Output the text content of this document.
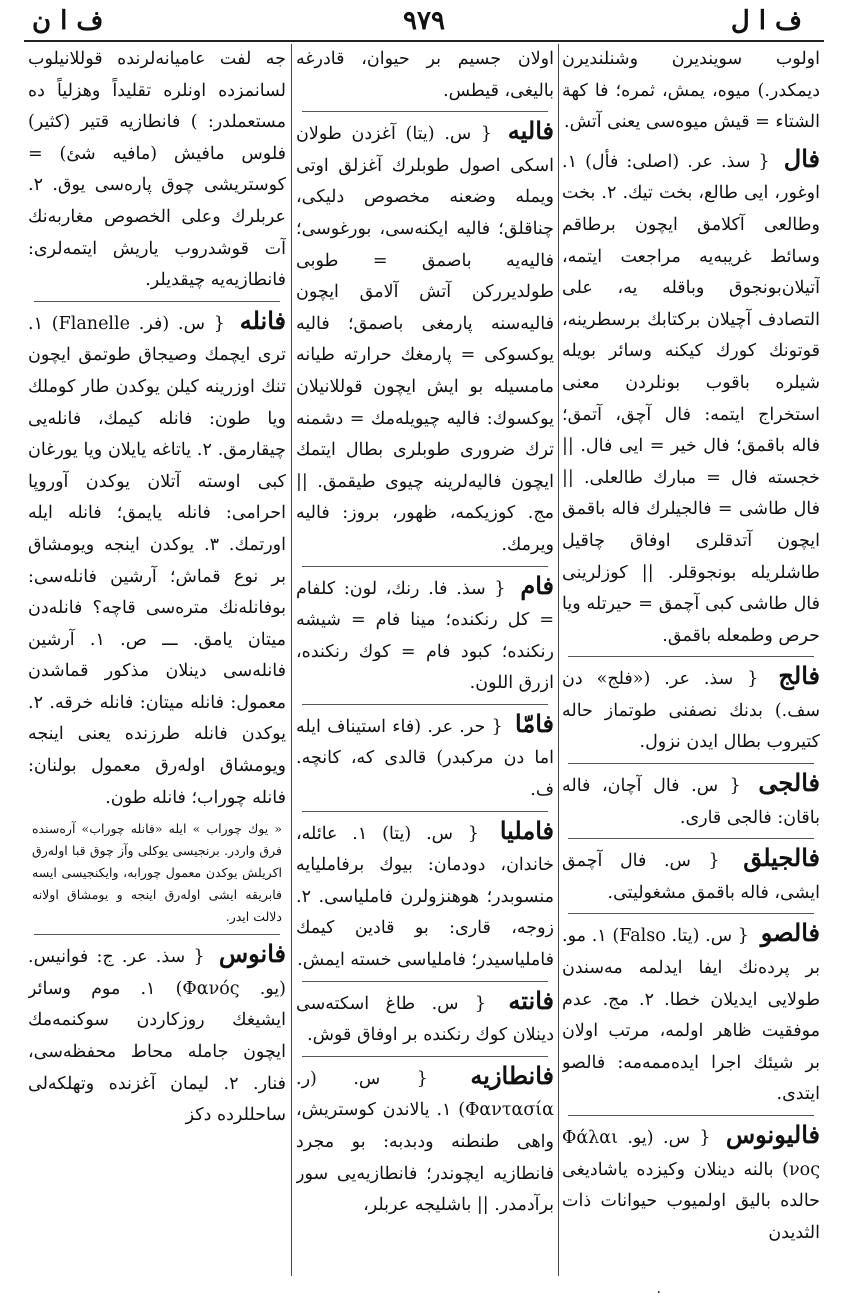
ف ا ن	٩٧٩	ف ا ل
اولوب سوينديرن وشنلنديرن ديمكدر.) ميوه، يمش، ثمره؛ فا كهة الشتاء = قيش ميوه‌سى يعنى آتش.
فال { سذ. عر. (اصلى: فأل) ١. اوغور، ايى طالع، بخت تيك. ٢. بخت وطالعى آكلامق ايچون برطاقم وسائط غريبه‌يه مراجعت ايتمه، آتيلان‌بونجوق وباقله يه، على التصادف آچيلان بركتابك برسطرينه، قوتونك كورك كيكنه وسائر بويله شيلره باقوب بونلردن معنى استخراج ايتمه: فال آچق، آتمق؛ فاله باقمق؛ فال خير = ايى فال. || خجسته فال = مبارك طالعلى. || فال طاشى = فالجيلرك فاله باقمق ايچون آتدقلرى اوفاق چاقيل طاشلريله بونجوقلر. || كوزلرينى فال طاشى كبى آچمق = حيرتله ويا حرص وطمعله باقمق.
فالج { سذ. عر. («فلج» دن سف.) بدنك نصفنى طوتماز حاله كتيروب بطال ايدن نزول.
فالجى { س. فال آچان، فاله باقان: فالجى قارى.
فالجيلق { س. فال آچمق ايشى، فاله باقمق مشغوليتى.
فالصو { س. (يتا. Falso) ١. مو. بر پردەنك ايفا ايدلمه مه‌سندن طولايى ايديلان خطا. ٢. مج. عدم موفقيت ظاهر اولمه، مرتب اولان بر شيئك اجرا ايدەممه‌مه: فالصو ايتدى.
فاليونوس { س. (يو. Φάλαι νος) بالنه دينلان وكيزده ياشاديغى حالده باليق اولميوب حيوانات ذات الثديدن
اولان جسيم بر حيوان، قادرغه باليغى، قيطس.
فاليه { س. (يتا) آغزدن طولان اسكى اصول طوبلرك آغزلق اوتى ويمله وضعنه مخصوص دليكى، چناقلق؛ فاليه ايكنه‌سى، بورغوسى؛ فاليه‌يه باصمق = طوبى طولديرركن آتش آلامق ايچون فاليه‌سنه پارمغى باصمق؛ فاليه يوكسوكى = پارمغك حرارته طيانه مامسيله بو ايش ايچون قوللانيلان يوكسوك: فاليه چيويله‌مك = دشمنه ترك ضرورى طوبلرى بطال ايتمك ايچون فاليه‌لرينه چيوى طيقمق. || مج. كوزيكمه، ظهور، بروز: فاليه ويرمك.
فام { سذ. فا. رنك، لون: كلفام = كل رنكنده؛ مينا فام = شيشه رنكنده؛ كبود فام = كوك رنكنده، ازرق اللون.
فامّا { حر. عر. (فاء استيناف ايله اما دن مركبدر) قالدى كه، كانچه. ف.
فامليا { س. (يتا) ١. عائله، خاندان، دودمان: بيوك برفامليايه منسوبدر؛ هوهنزولرن فاملياسى. ٢. زوجه، قارى: بو قادين كيمك فاملياسيدر؛ فاملياسى خسته ايمش.
فانته { س. طاغ اسكته‌سى دينلان كوك رنكنده بر اوفاق قوش.
فانطازيه { س. (ر. Φαντασία) ١. يالاندن كوستريش، واهى طنطنه ودبدبه: بو مجرد فانطازيه ايچوندر؛ فانطازيه‌يى سور برآدمدر. || باشليجه عربلر،
جه لفت عامیانه‌لرنده قوللانيلوب لسانمزده اونلره تقليداً وهزلياً ده مستعملدر: ) فانطازيه قتير (كثير) فلوس مافيش (مافيه شئ) = كوستريشى چوق پاره‌سى يوق. ٢. عربلرك وعلى الخصوص مغاربه‌نك آت قوشدروب ياريش ايتمه‌لرى: فانطازيه‌يه چيقديلر.
فانله { س. (فر. Flanelle) ١. ترى ايچمك وصيجاق طوتمق ايچون تنك اوزرينه كيلن يوكدن طار كوملك ويا طون: فانله كيمك، فانله‌يى چيقارمق. ٢. ياتاغه يايلان ويا يورغان كبى اوسته آتلان يوكدن آوروپا احرامى: فانله يايمق؛ فانله ايله اورتمك. ٣. يوكدن اينجه ويومشاق بر نوع قماش؛ آرشين فانله‌سى: بوفانله‌نك متره‌سى قاچه؟ فانله‌دن ميتان يامق. ـــ ص. ١. آرشين فانله‌سى دينلان مذكور قماشدن معمول: فانله ميتان: فانله خرقه. ٢. يوكدن فانله طرزنده يعنى اينجه ويومشاق اوله‌رق معمول بولنان: فانله چوراب؛ فانله طون.
« يوك چوراب » ايله «فانله چوراب» آره‌سنده فرق واردر. برنجيسى يوكلى وآز چوق قبا اوله‌رق اكريلش يوكدن معمول چورابه، وايكنجيسى ايسه فابريقه ايشى اوله‌رق اينجه و يومشاق اولانه دلالت ايدر.
فانوس { سذ. عر. ج: فوانيس. (يو. Φανός) ١. موم وسائر ايشيغك روزكاردن سوكنمه‌مك ايچون جامله محاط محفظه‌سى، فنار. ٢. ليمان آغزنده وتهلكه‌لى ساحللرده دكز
٠
